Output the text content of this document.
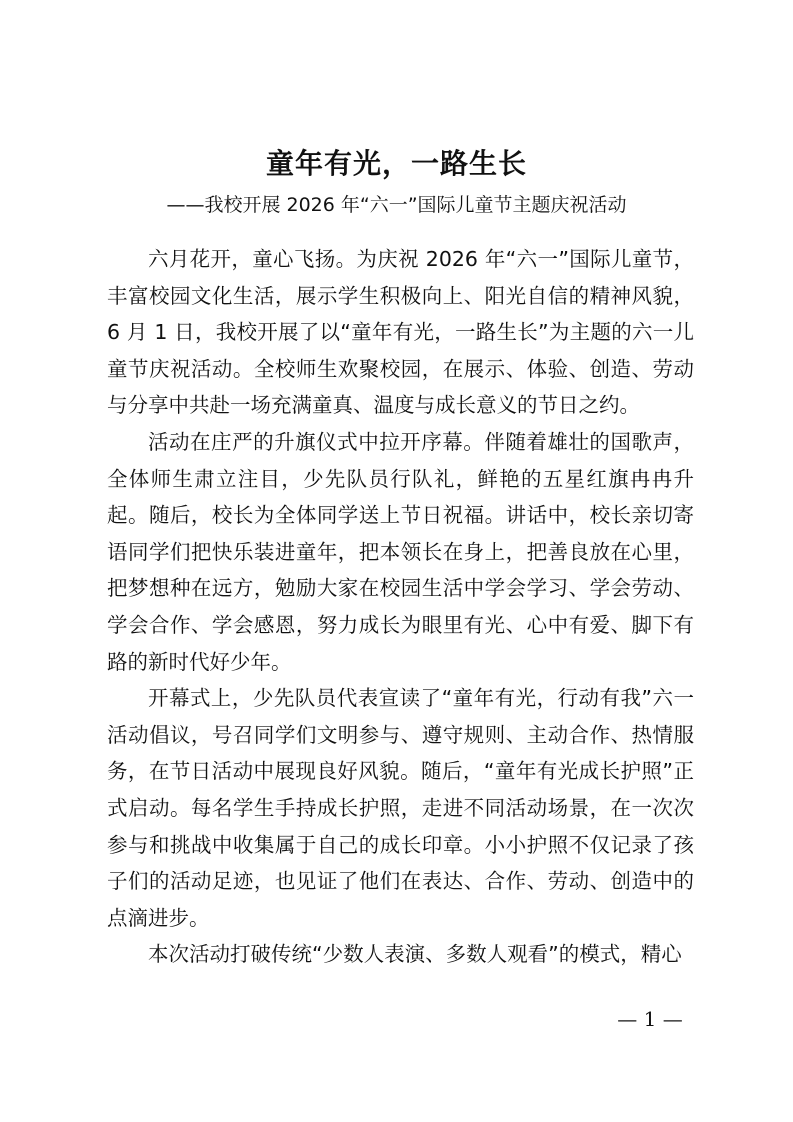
童年有光，一路生长
——我校开展 2026 年“六一”国际儿童节主题庆祝活动

六月花开，童心飞扬。为庆祝 2026 年“六一”国际儿童节，丰富校园文化生活，展示学生积极向上、阳光自信的精神风貌，6 月 1 日，我校开展了以“童年有光，一路生长”为主题的六一儿童节庆祝活动。全校师生欢聚校园，在展示、体验、创造、劳动与分享中共赴一场充满童真、温度与成长意义的节日之约。

活动在庄严的升旗仪式中拉开序幕。伴随着雄壮的国歌声，全体师生肃立注目，少先队员行队礼，鲜艳的五星红旗冉冉升起。随后，校长为全体同学送上节日祝福。讲话中，校长亲切寄语同学们把快乐装进童年，把本领长在身上，把善良放在心里，把梦想种在远方，勉励大家在校园生活中学会学习、学会劳动、学会合作、学会感恩，努力成长为眼里有光、心中有爱、脚下有路的新时代好少年。

开幕式上，少先队员代表宣读了“童年有光，行动有我”六一活动倡议，号召同学们文明参与、遵守规则、主动合作、热情服务，在节日活动中展现良好风貌。随后，“童年有光成长护照”正式启动。每名学生手持成长护照，走进不同活动场景，在一次次参与和挑战中收集属于自己的成长印章。小小护照不仅记录了孩子们的活动足迹，也见证了他们在表达、合作、劳动、创造中的点滴进步。

本次活动打破传统“少数人表演、多数人观看”的模式，精心

— 1 —
